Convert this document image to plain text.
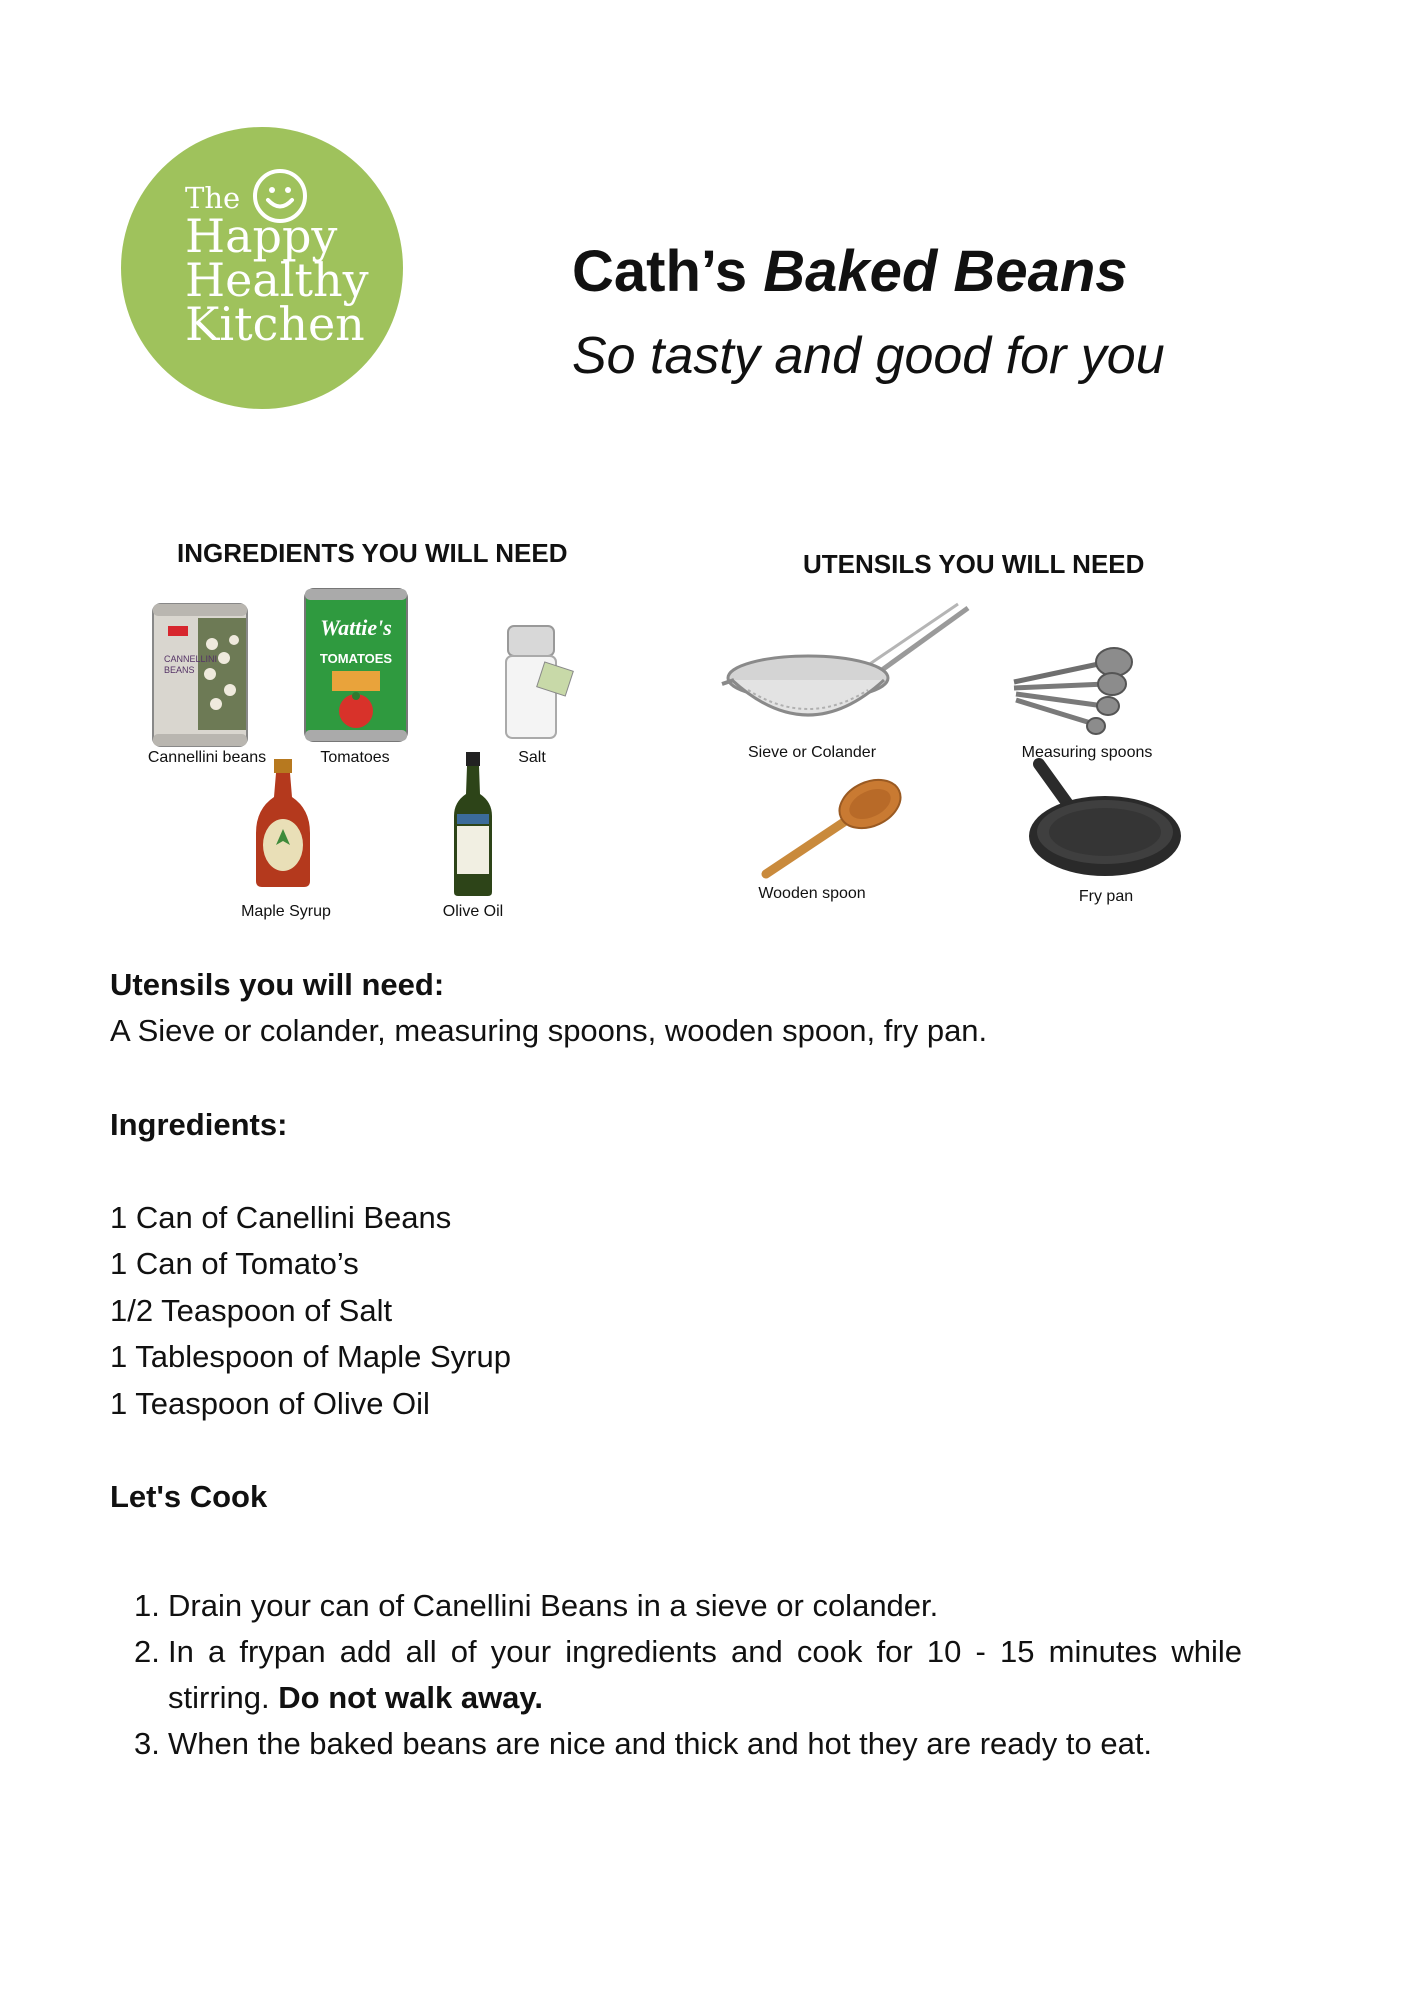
The
Happy
Healthy
Kitchen
Cath’s Baked Beans
So tasty and good for you
INGREDIENTS YOU WILL NEED	UTENSILS YOU WILL NEED
CANNELLINI
BEANS
Cannellini beans
Wattie's
TOMATOES
Tomatoes	Salt
Maple Syrup	Olive Oil
Sieve or Colander	Measuring spoons
Wooden spoon	Fry pan
Utensils you will need:
A Sieve or colander, measuring spoons, wooden spoon, fry pan.
Ingredients:
1 Can of Canellini Beans
1 Can of Tomato’s
1/2 Teaspoon of Salt
1 Tablespoon of Maple Syrup
1 Teaspoon of Olive Oil
Let's Cook
1. Drain your can of Canellini Beans in a sieve or colander.
2. In a frypan add all of your ingredients and cook for 10 - 15 minutes while stirring. Do not walk away.
3. When the baked beans are nice and thick and hot they are ready to eat.
